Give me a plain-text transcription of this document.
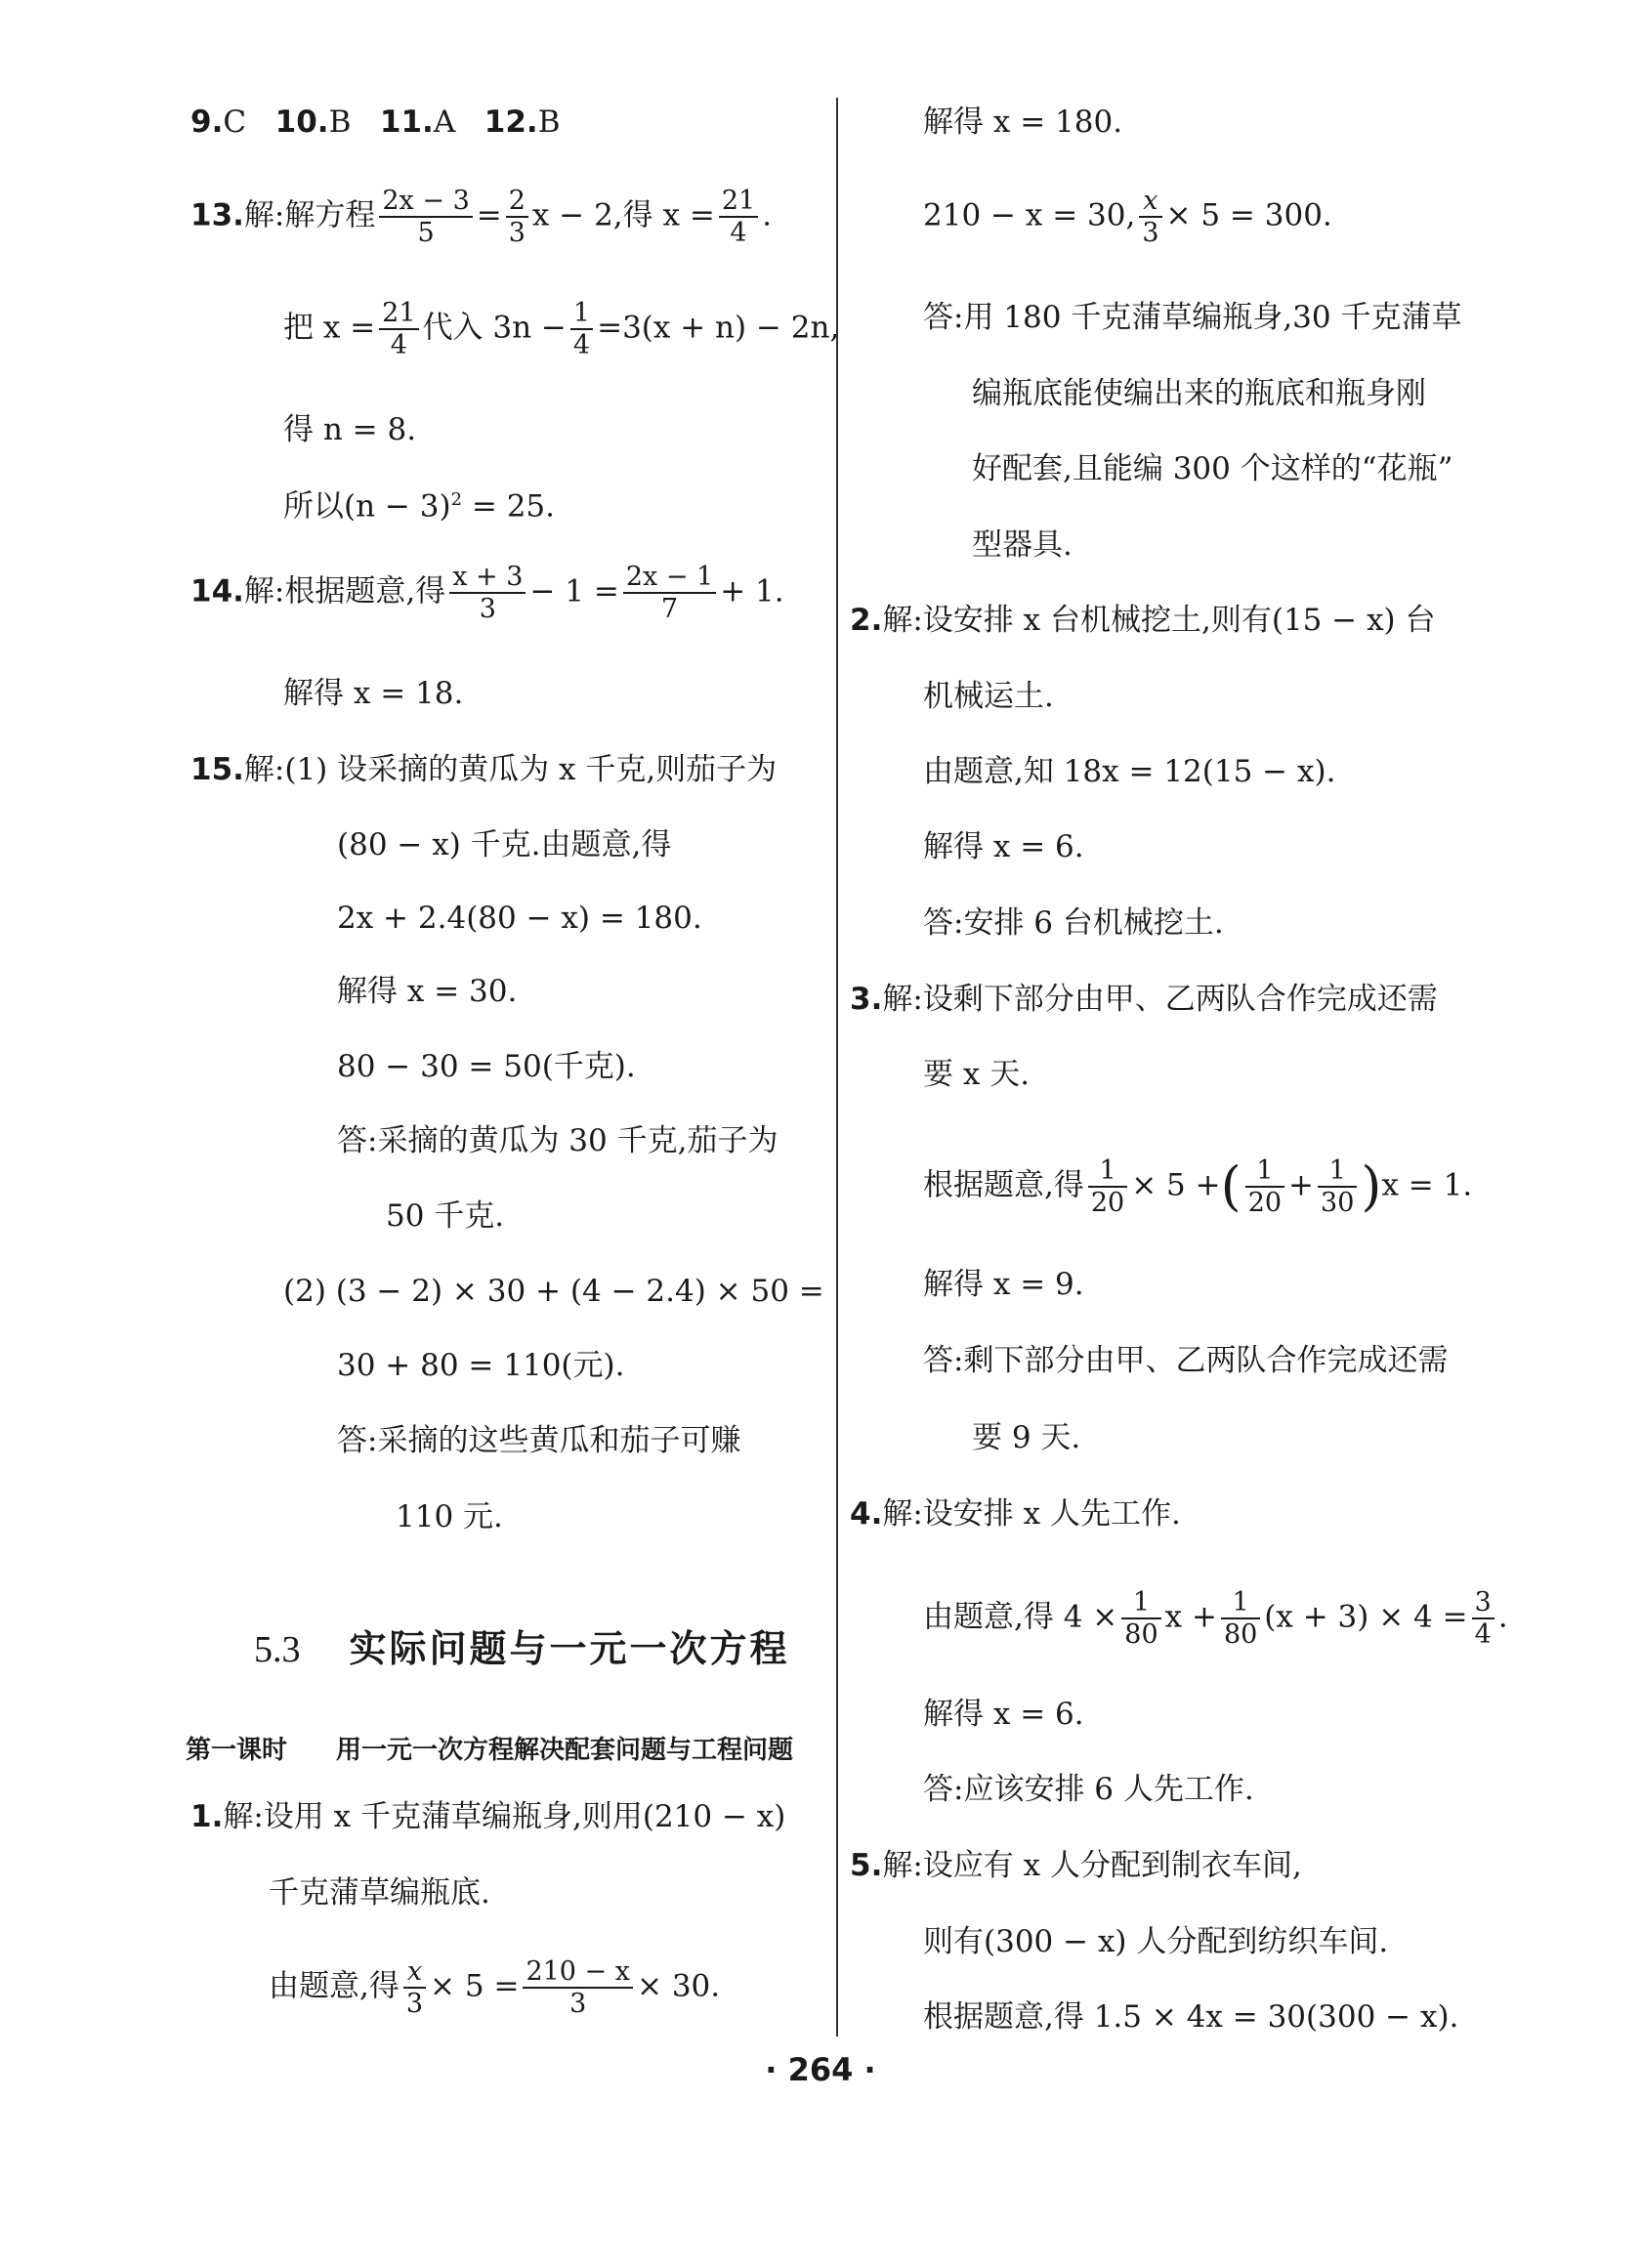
9.C 10.B 11.A 12.B
13.解:解方程 $\frac{2x - 3}{5} = \frac{2}{3}$ x − 2,得 $x = \frac{21}{4}$ .
把 $x = \frac{21}{4}$ 代入 $3n - \frac{1}{4} =3(x + n) - 2n$,
得 n = 8.
所以$(n - 3)^2 = 25$.
14.解:根据题意,得 $\frac{x + 3}{3} - 1 = \frac{2x - 1}{7} + 1$.
解得 x = 18.
15.解:(1) 设采摘的黄瓜为 x 千克,则茄子为
(80 − x) 千克.由题意,得
2x + 2.4(80 − x) = 180.
解得 x = 30.
80 − 30 = 50(千克).
答:采摘的黄瓜为 30 千克,茄子为
50 千克.
(2) (3 − 2) × 30 + (4 − 2.4) × 50 =
30 + 80 = 110(元).
答:采摘的这些黄瓜和茄子可赚
110 元.
5.3 实际问题与一元一次方程
第一课时 用一元一次方程解决配套问题与工程问题
1.解:设用 x 千克蒲草编瓶身,则用(210 − x)
千克蒲草编瓶底.
由题意,得 $\frac{x}{3} \times 5 = \frac{210 - x}{3} \times 30$.
解得 x = 180.
210 − x = 30, $\frac{x}{3} \times 5 = 300$.
答:用 180 千克蒲草编瓶身,30 千克蒲草
编瓶底能使编出来的瓶底和瓶身刚
好配套,且能编 300 个这样的“花瓶”
型器具.
2.解:设安排 x 台机械挖土,则有(15 − x) 台
机械运土.
由题意,知 18x = 12(15 − x).
解得 x = 6.
答:安排 6 台机械挖土.
3.解:设剩下部分由甲、乙两队合作完成还需
要 x 天.
根据题意,得 $\frac{1}{20} \times 5$ +( $\frac{1}{20} + \frac{1}{30} )x = 1$.
解得 x = 9.
答:剩下部分由甲、乙两队合作完成还需
要 9 天.
4.解:设安排 x 人先工作.
由题意,得 $4 \times \frac{1}{80}$ $x + \frac{1}{80} (x + 3) \times 4 = \frac{3}{4}$ .
解得 x = 6.
答:应该安排 6 人先工作.
5.解:设应有 x 人分配到制衣车间,
则有(300 − x) 人分配到纺织车间.
根据题意,得 1.5 × 4x = 30(300 − x).
· 264 ·
